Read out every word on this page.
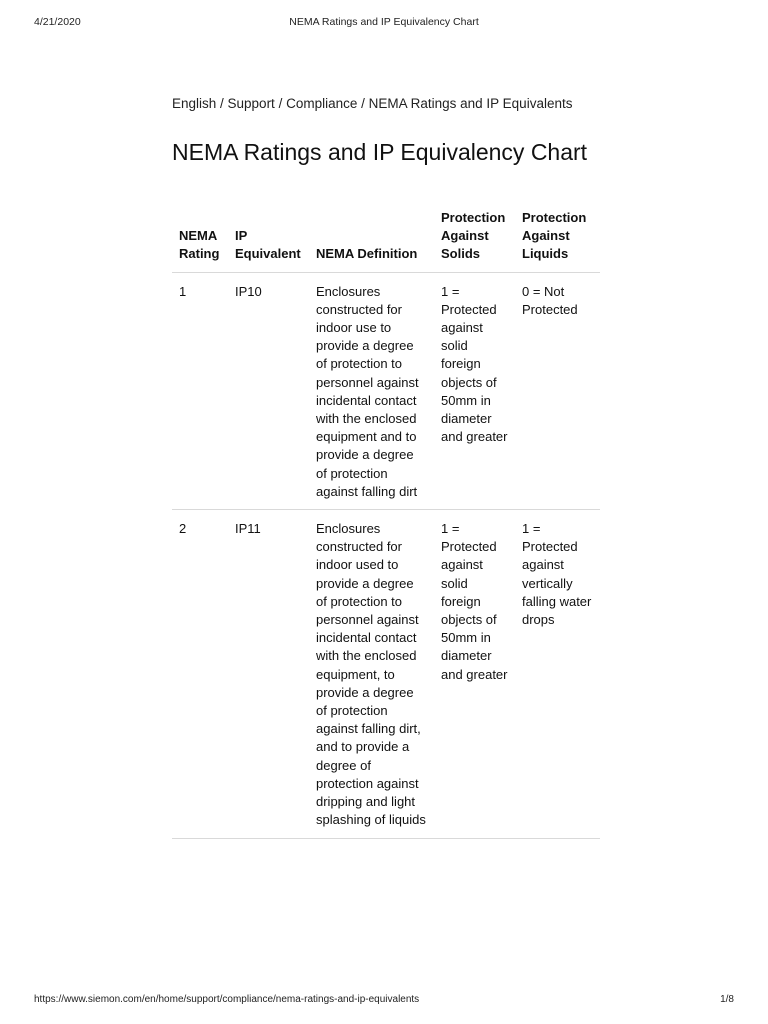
4/21/2020	NEMA Ratings and IP Equivalency Chart
English / Support / Compliance / NEMA Ratings and IP Equivalents
NEMA Ratings and IP Equivalency Chart
NEMA Rating	IP Equivalent	NEMA Definition	Protection Against Solids	Protection Against Liquids
1	IP10	Enclosures constructed for indoor use to provide a degree of protection to personnel against incidental contact with the enclosed equipment and to provide a degree of protection against falling dirt	1 = Protected against solid foreign objects of 50mm in diameter and greater	0 = Not Protected
2	IP11	Enclosures constructed for indoor used to provide a degree of protection to personnel against incidental contact with the enclosed equipment, to provide a degree of protection against falling dirt, and to provide a degree of protection against dripping and light splashing of liquids	1 = Protected against solid foreign objects of 50mm in diameter and greater	1 = Protected against vertically falling water drops
https://www.siemon.com/en/home/support/compliance/nema-ratings-and-ip-equivalents	1/8
